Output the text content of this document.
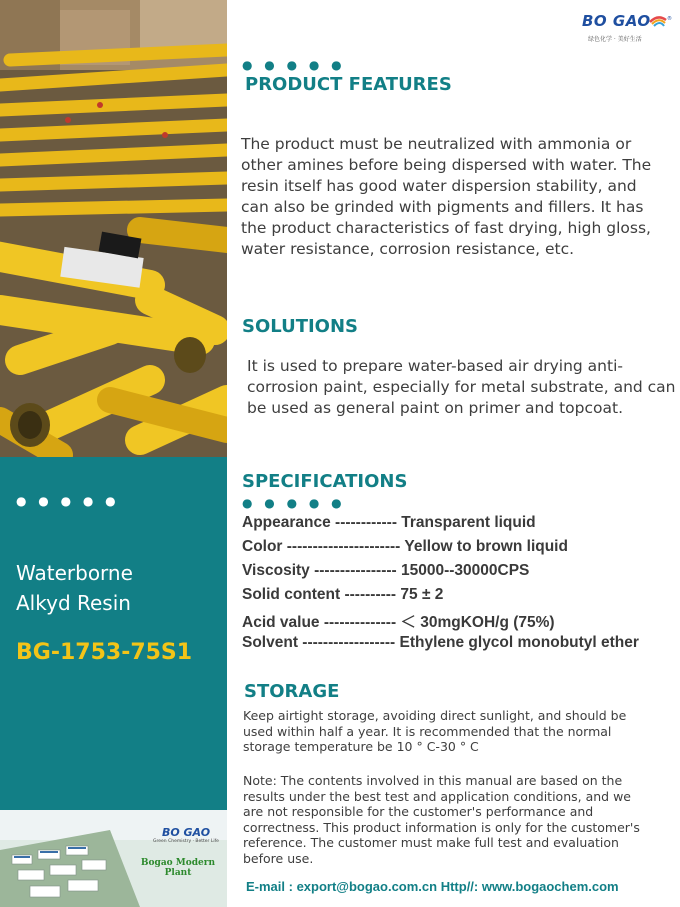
● ● ● ● ●
Waterborne
Alkyd Resin
BG-1753-75S1
BO GAO
Green Chemistry · Better Life
Bogao Modern Plant
®
BO GAO
绿色化学 · 美好生活
● ● ● ● ●
PRODUCT FEATURES
The product must be neutralized with ammonia or
other amines before being dispersed with water. The
resin itself has good water dispersion stability, and
can also be grinded with pigments and fillers. It has
the product characteristics of fast drying, high gloss,
water resistance, corrosion resistance, etc.
SOLUTIONS
It is used to prepare water-based air drying anti-
corrosion paint, especially for metal substrate, and can
be used as general paint on primer and topcoat.
SPECIFICATIONS
● ● ● ● ●
Appearance ------------ Transparent liquid
Color ---------------------- Yellow to brown liquid
Viscosity ---------------- 15000--30000CPS
Solid content ---------- 75 ± 2
Acid value -------------- ＜ 30mgKOH/g (75%)
Solvent ------------------ Ethylene glycol monobutyl ether
STORAGE
Keep airtight storage, avoiding direct sunlight, and should be
used within half a year. It is recommended that the normal
storage temperature be 10 ° C-30 ° C
Note: The contents involved in this manual are based on the
results under the best test and application conditions, and we
are not responsible for the customer's performance and
correctness. This product information is only for the customer's
reference. The customer must make full test and evaluation
before use.
E-mail : export@bogao.com.cn Http//: www.bogaochem.com
